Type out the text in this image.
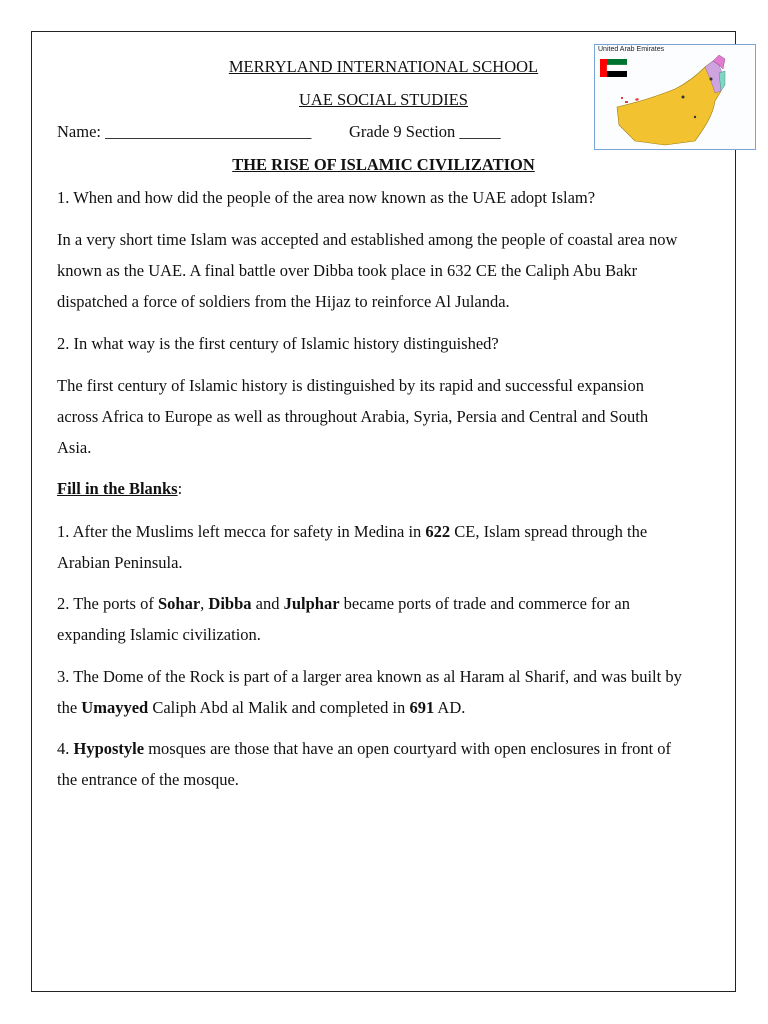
MERRYLAND INTERNATIONAL SCHOOL
UAE SOCIAL STUDIES
Name: _________________________ Grade 9 Section _____
THE RISE OF ISLAMIC CIVILIZATION
United Arab Emirates
1. When and how did the people of the area now known as the UAE adopt Islam?
In a very short time Islam was accepted and established among the people of coastal area now
known as the UAE. A final battle over Dibba took place in 632 CE the Caliph Abu Bakr
dispatched a force of soldiers from the Hijaz to reinforce Al Julanda.
2. In what way is the first century of Islamic history distinguished?
The first century of Islamic history is distinguished by its rapid and successful expansion
across Africa to Europe as well as throughout Arabia, Syria, Persia and Central and South
Asia.
Fill in the Blanks:
1. After the Muslims left mecca for safety in Medina in 622 CE, Islam spread through the
Arabian Peninsula.
2. The ports of Sohar, Dibba and Julphar became ports of trade and commerce for an
expanding Islamic civilization.
3. The Dome of the Rock is part of a larger area known as al Haram al Sharif, and was built by
the Umayyed Caliph Abd al Malik and completed in 691 AD.
4. Hypostyle mosques are those that have an open courtyard with open enclosures in front of
the entrance of the mosque.
